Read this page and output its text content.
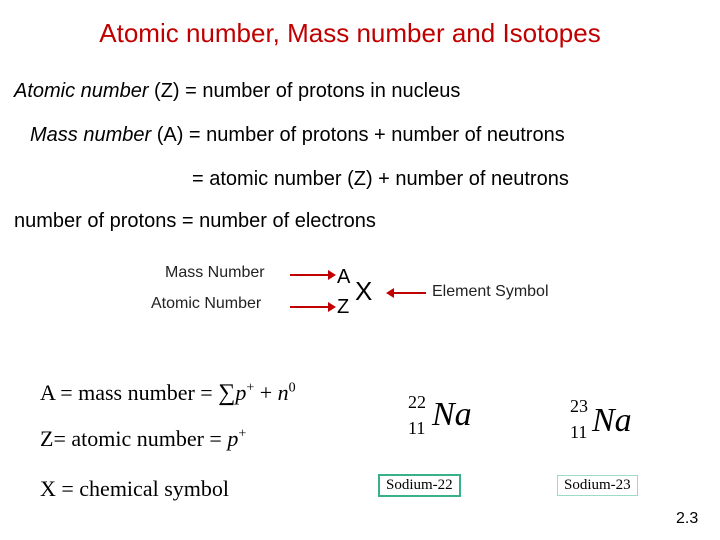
Atomic number, Mass number and Isotopes
Atomic number (Z) = number of protons in nucleus
Mass number (A) = number of protons + number of neutrons
= atomic number (Z) + number of neutrons
number of protons = number of electrons
Mass Number
Atomic Number
A
Z
X	Element Symbol
A = mass number = $\sum p^+ + n^0$
Z= atomic number = p+
X = chemical symbol
22
11 Na
Sodium-22
23
11 Na
Sodium-23
2.3
